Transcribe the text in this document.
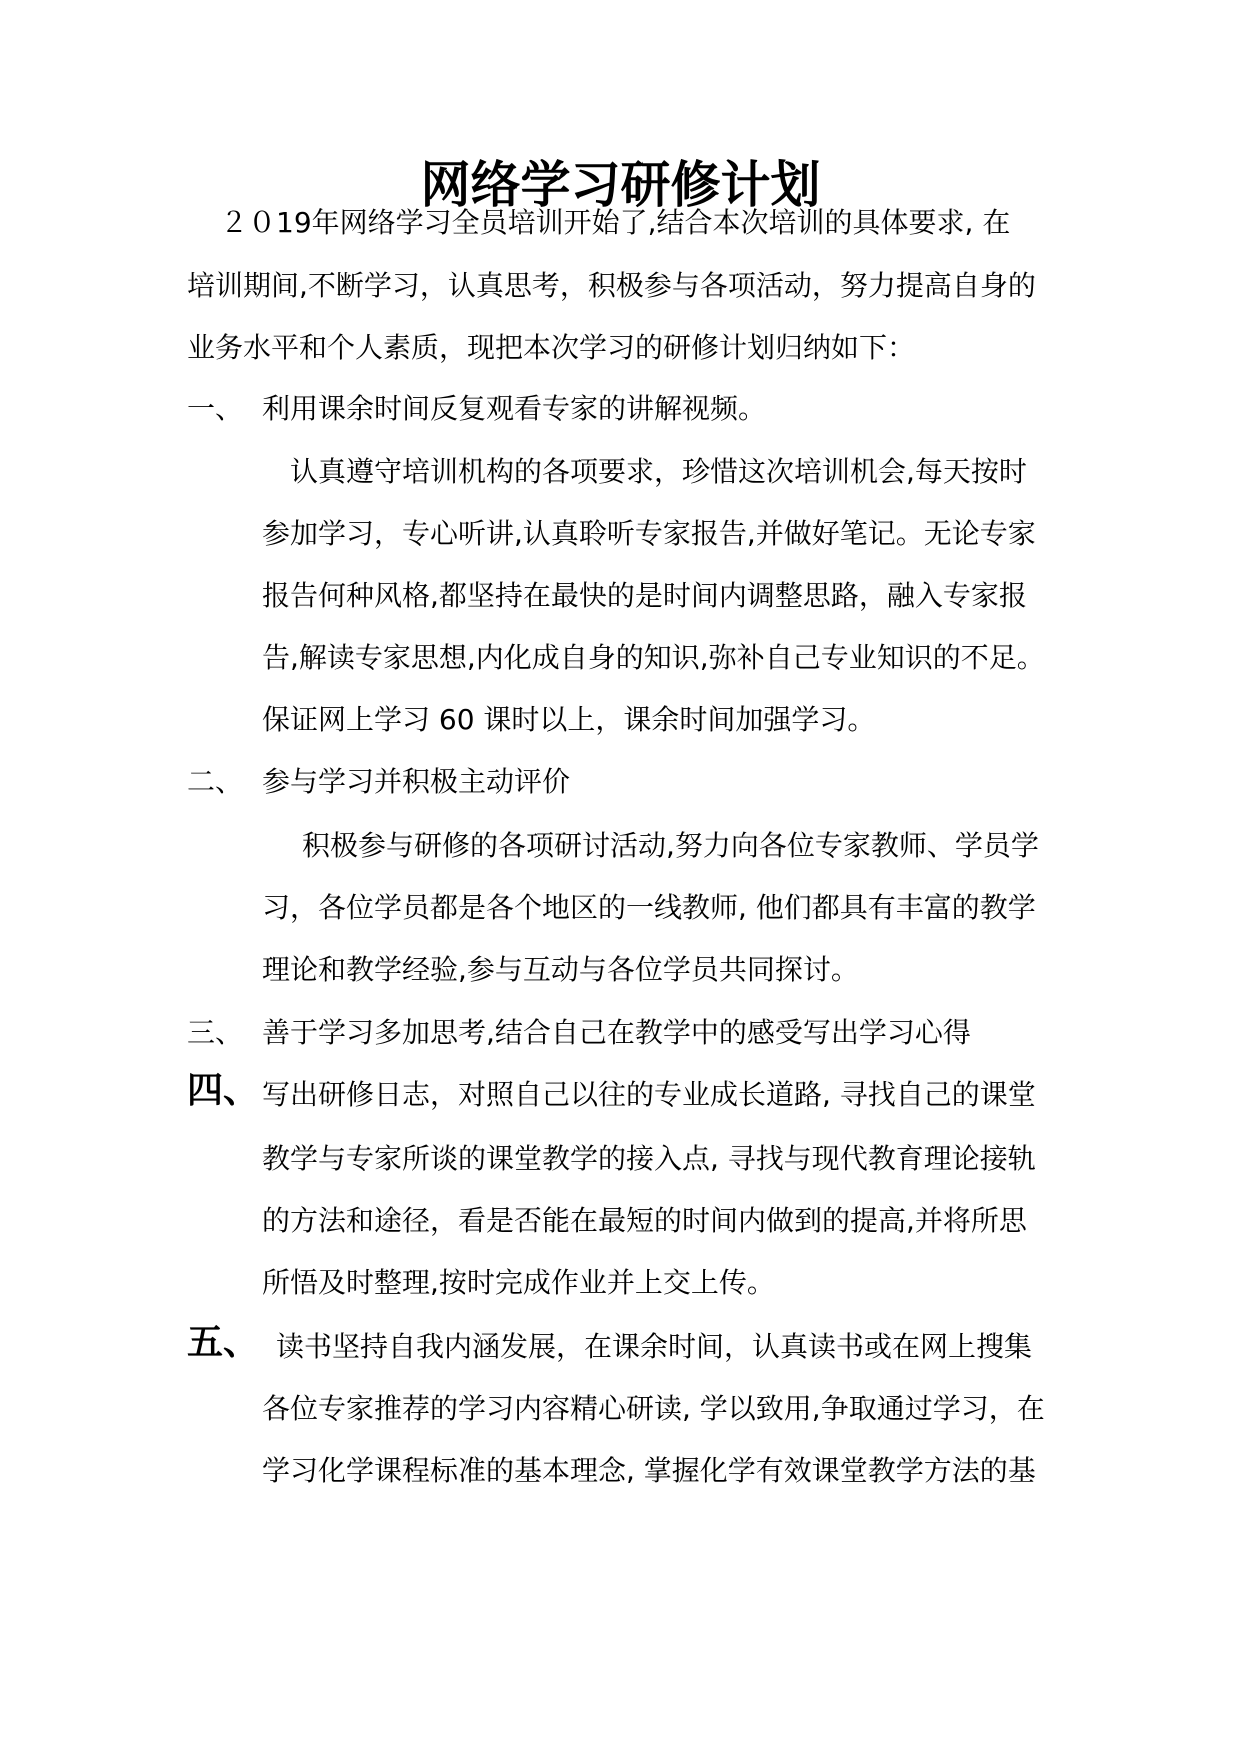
网络学习研修计划
２０19年网络学习全员培训开始了,结合本次培训的具体要求, 在
培训期间,不断学习，认真思考，积极参与各项活动，努力提高自身的
业务水平和个人素质，现把本次学习的研修计划归纳如下：
一、 利用课余时间反复观看专家的讲解视频。
认真遵守培训机构的各项要求，珍惜这次培训机会,每天按时
参加学习，专心听讲,认真聆听专家报告,并做好笔记。无论专家
报告何种风格,都坚持在最快的是时间内调整思路，融入专家报
告,解读专家思想,内化成自身的知识,弥补自己专业知识的不足。
保证网上学习 60 课时以上，课余时间加强学习。
二、 参与学习并积极主动评价
积极参与研修的各项研讨活动,努力向各位专家教师、学员学
习，各位学员都是各个地区的一线教师, 他们都具有丰富的教学
理论和教学经验,参与互动与各位学员共同探讨。
三、 善于学习多加思考,结合自己在教学中的感受写出学习心得
四、 写出研修日志，对照自己以往的专业成长道路, 寻找自己的课堂
教学与专家所谈的课堂教学的接入点, 寻找与现代教育理论接轨
的方法和途径，看是否能在最短的时间内做到的提高,并将所思
所悟及时整理,按时完成作业并上交上传。
五、 读书坚持自我内涵发展，在课余时间，认真读书或在网上搜集
各位专家推荐的学习内容精心研读, 学以致用,争取通过学习，在
学习化学课程标准的基本理念, 掌握化学有效课堂教学方法的基
